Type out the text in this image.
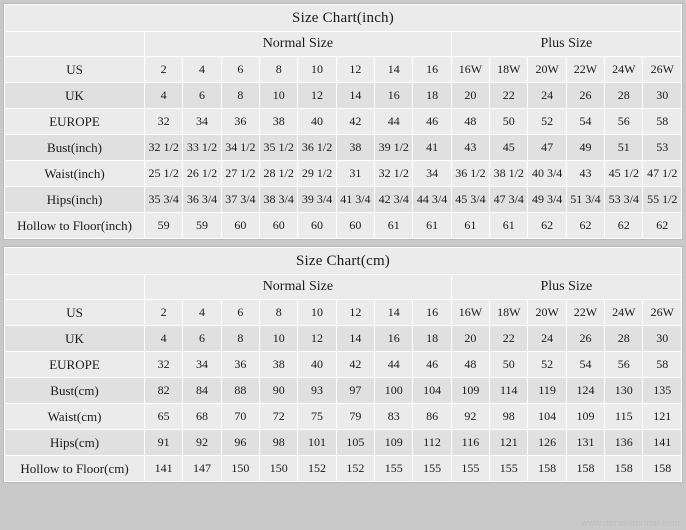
Size Chart(inch)														
	Normal Size								Plus Size					
US	2	4	6	8	10	12	14	16	16W	18W	20W	22W	24W	26W
UK	4	6	8	10	12	14	16	18	20	22	24	26	28	30
EUROPE	32	34	36	38	40	42	44	46	48	50	52	54	56	58
Bust(inch)	32 1/2	33 1/2	34 1/2	35 1/2	36 1/2	38	39 1/2	41	43	45	47	49	51	53
Waist(inch)	25 1/2	26 1/2	27 1/2	28 1/2	29 1/2	31	32 1/2	34	36 1/2	38 1/2	40 3/4	43	45 1/2	47 1/2
Hips(inch)	35 3/4	36 3/4	37 3/4	38 3/4	39 3/4	41 3/4	42 3/4	44 3/4	45 3/4	47 3/4	49 3/4	51 3/4	53 3/4	55 1/2
Hollow to Floor(inch)	59	59	60	60	60	60	61	61	61	61	62	62	62	62
Size Chart(cm)														
	Normal Size								Plus Size					
US	2	4	6	8	10	12	14	16	16W	18W	20W	22W	24W	26W
UK	4	6	8	10	12	14	16	18	20	22	24	26	28	30
EUROPE	32	34	36	38	40	42	44	46	48	50	52	54	56	58
Bust(cm)	82	84	88	90	93	97	100	104	109	114	119	124	130	135
Waist(cm)	65	68	70	72	75	79	83	86	92	98	104	109	115	121
Hips(cm)	91	92	96	98	101	105	109	112	116	121	126	131	136	141
Hollow to Floor(cm)	141	147	150	150	152	152	155	155	155	155	158	158	158	158
www.doraslebridal.com
